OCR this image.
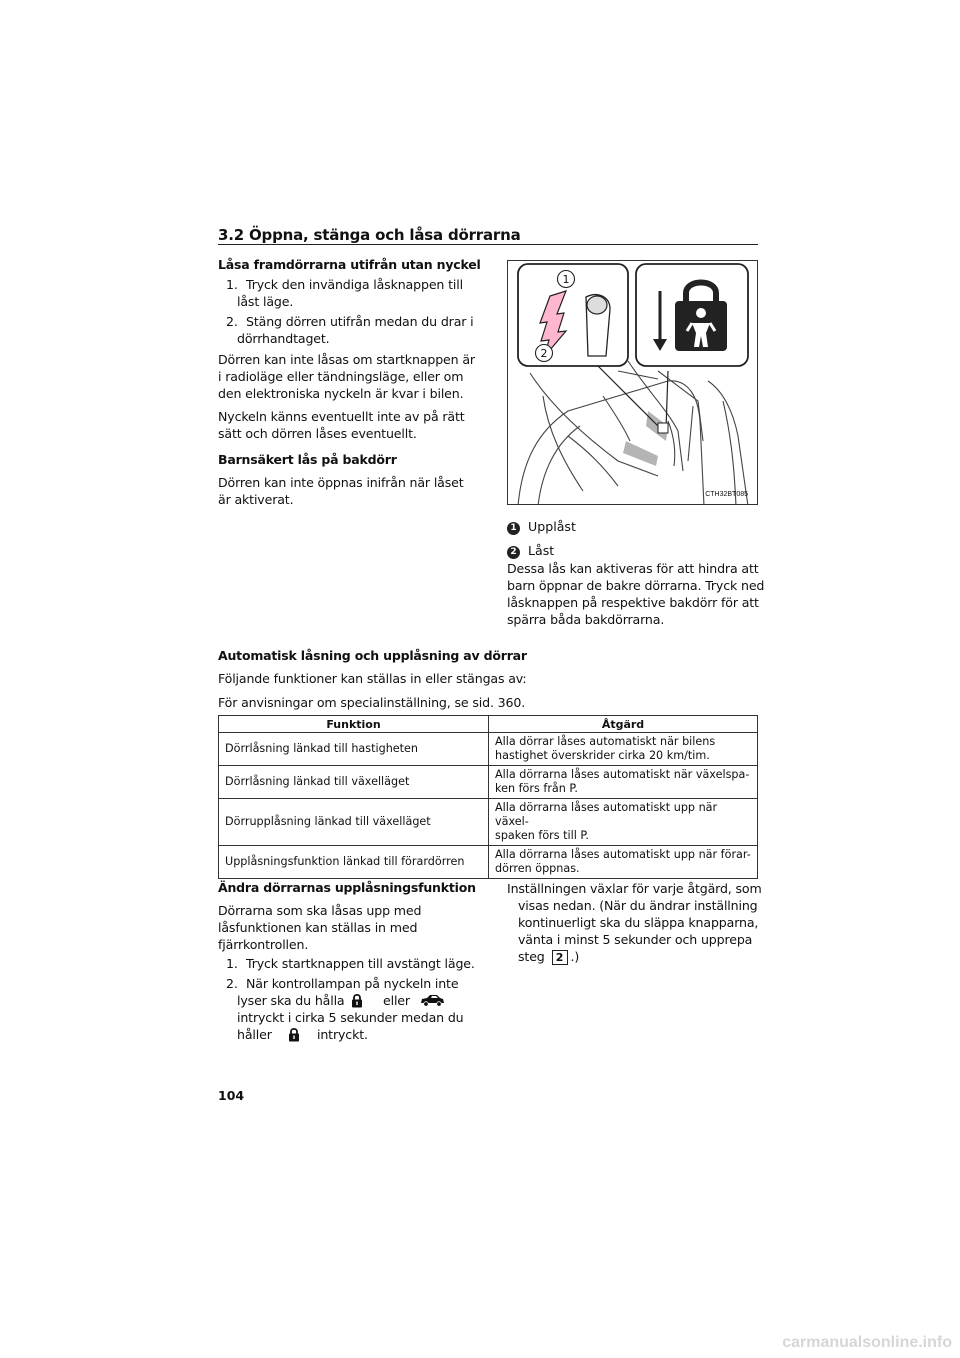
3.2 Öppna, stänga och låsa dörrarna
Låsa framdörrarna utifrån utan nyckel
1. Tryck den invändiga låsknappen till
låst läge.
2. Stäng dörren utifrån medan du drar i
dörrhandtaget.
Dörren kan inte låsas om startknappen är
i radioläge eller tändningsläge, eller om
den elektroniska nyckeln är kvar i bilen.
Nyckeln känns eventuellt inte av på rätt
sätt och dörren låses eventuellt.
Barnsäkert lås på bakdörr
Dörren kan inte öppnas inifrån när låset
är aktiverat.
1
2
CTH32BT085
1 Upplåst
2 Låst
Dessa lås kan aktiveras för att hindra att
barn öppnar de bakre dörrarna. Tryck ned
låsknappen på respektive bakdörr för att
spärra båda bakdörrarna.
Automatisk låsning och upplåsning av dörrar
Följande funktioner kan ställas in eller stängas av:
För anvisningar om specialinställning, se sid. 360.
Funktion	Åtgärd
Dörrlåsning länkad till hastigheten	Alla dörrar låses automatiskt när bilens
hastighet överskrider cirka 20 km/tim.

Dörrlåsning länkad till växelläget	Alla dörrarna låses automatiskt när växelspa-
ken förs från P.

Dörrupplåsning länkad till växelläget	Alla dörrarna låses automatiskt upp när växel-
spaken förs till P.

Upplåsningsfunktion länkad till förardörren	Alla dörrarna låses automatiskt upp när förar-
dörren öppnas.
Ändra dörrarnas upplåsningsfunktion
Dörrarna som ska låsas upp med
låsfunktionen kan ställas in med
fjärrkontrollen.
1. Tryck startknappen till avstängt läge.
2. När kontrollampan på nyckeln inte
lyser ska du hålla	eller
intryckt i cirka 5 sekunder medan du
håller	intryckt.
Inställningen växlar för varje åtgärd, som
visas nedan. (När du ändrar inställning
kontinuerligt ska du släppa knapparna,
vänta i minst 5 sekunder och upprepa
steg 2 .)
104
carmanualsonline.info
